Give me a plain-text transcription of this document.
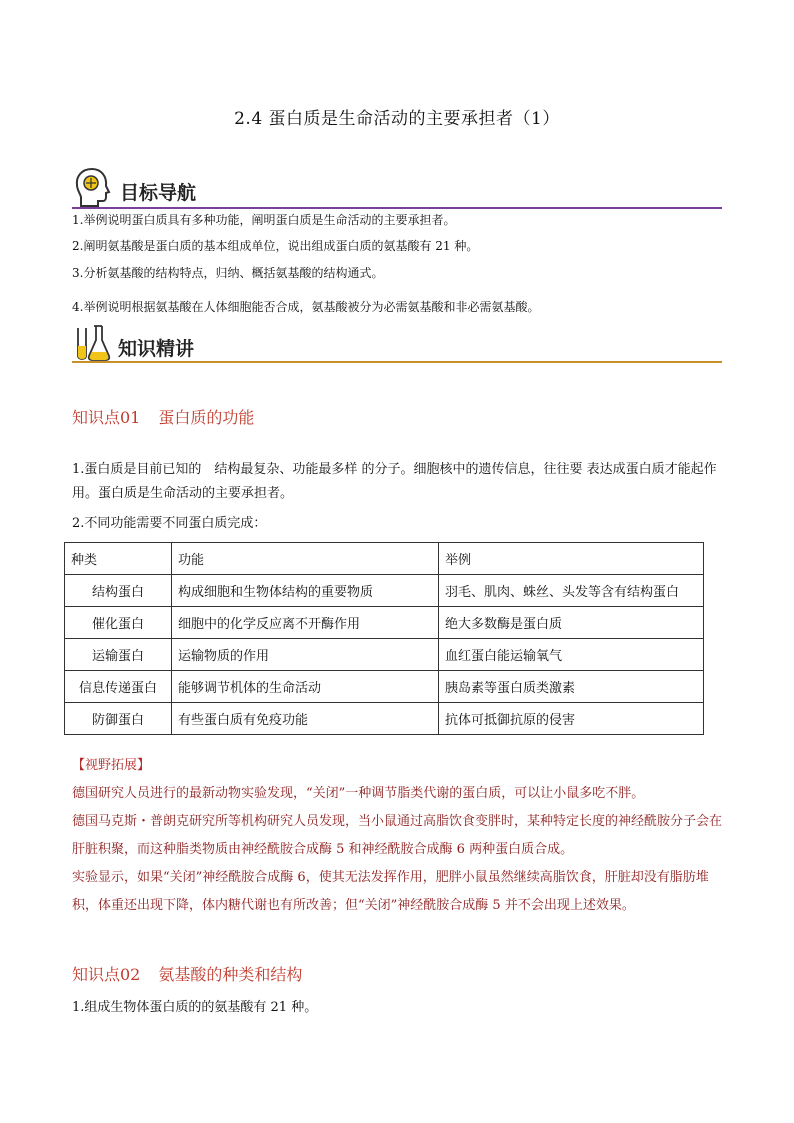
2.4 蛋白质是生命活动的主要承担者（1）
目标导航
1.举例说明蛋白质具有多种功能，阐明蛋白质是生命活动的主要承担者。
2.阐明氨基酸是蛋白质的基本组成单位，说出组成蛋白质的氨基酸有 21 种。
3.分析氨基酸的结构特点，归纳、概括氨基酸的结构通式。
4.举例说明根据氨基酸在人体细胞能否合成，氨基酸被分为必需氨基酸和非必需氨基酸。
知识精讲
知识点01 蛋白质的功能
1.蛋白质是目前已知的　结构最复杂、功能最多样 的分子。细胞核中的遗传信息，往往要 表达成蛋白质才能起作用。蛋白质是生命活动的主要承担者。
2.不同功能需要不同蛋白质完成：
种类	功能	举例
结构蛋白	构成细胞和生物体结构的重要物质	羽毛、肌肉、蛛丝、头发等含有结构蛋白
催化蛋白	细胞中的化学反应离不开酶作用	绝大多数酶是蛋白质
运输蛋白	运输物质的作用	血红蛋白能运输氧气
信息传递蛋白	能够调节机体的生命活动	胰岛素等蛋白质类激素
防御蛋白	有些蛋白质有免疫功能	抗体可抵御抗原的侵害
【视野拓展】
德国研究人员进行的最新动物实验发现，“关闭”一种调节脂类代谢的蛋白质，可以让小鼠多吃不胖。
德国马克斯・普朗克研究所等机构研究人员发现，当小鼠通过高脂饮食变胖时，某种特定长度的神经酰胺分子会在肝脏积聚，而这种脂类物质由神经酰胺合成酶 5 和神经酰胺合成酶 6 两种蛋白质合成。
实验显示，如果“关闭”神经酰胺合成酶 6，使其无法发挥作用，肥胖小鼠虽然继续高脂饮食，肝脏却没有脂肪堆积，体重还出现下降，体内糖代谢也有所改善；但“关闭”神经酰胺合成酶 5 并不会出现上述效果。
知识点02 氨基酸的种类和结构
1.组成生物体蛋白质的的氨基酸有 21 种。
